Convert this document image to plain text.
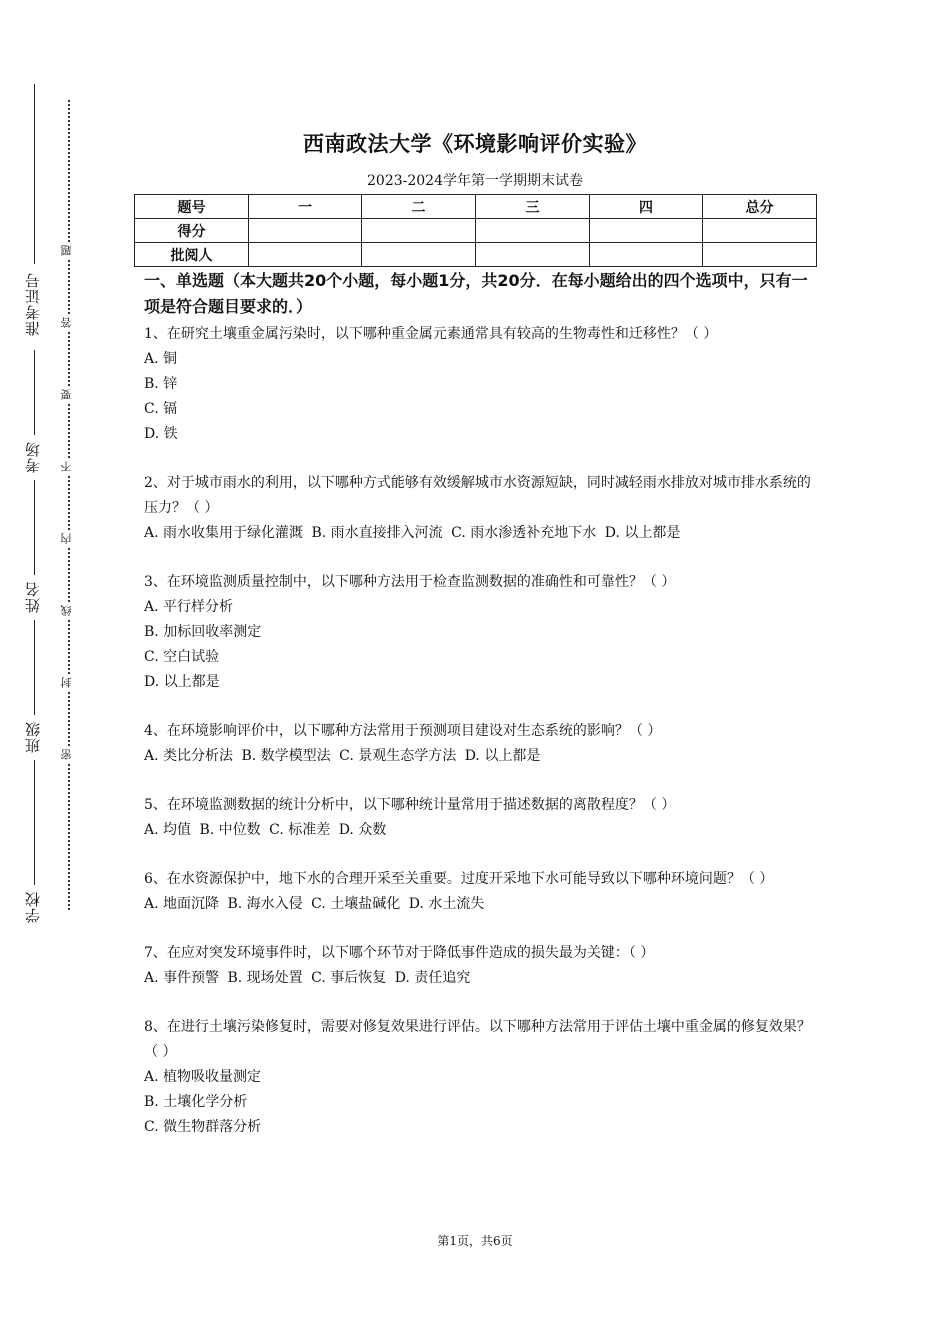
准考证号
考场
姓名
班级
学校
题
答
要
不
内
线
封
密
西南政法大学《环境影响评价实验》
2023-2024学年第一学期期末试卷
题号	一	二	三	四	总分
得分					
批阅人					

一、单选题（本大题共20个小题，每小题1分，共20分．在每小题给出的四个选项中，只有一项是符合题目要求的．）

1、在研究土壤重金属污染时，以下哪种重金属元素通常具有较高的生物毒性和迁移性？（ ）

A. 铜

B. 锌

C. 镉

D. 铁

2、对于城市雨水的利用，以下哪种方式能够有效缓解城市水资源短缺，同时减轻雨水排放对城市排水系统的压力？（ ）

A. 雨水收集用于绿化灌溉 B. 雨水直接排入河流 C. 雨水渗透补充地下水 D. 以上都是

3、在环境监测质量控制中，以下哪种方法用于检查监测数据的准确性和可靠性？（ ）

A. 平行样分析

B. 加标回收率测定

C. 空白试验

D. 以上都是

4、在环境影响评价中，以下哪种方法常用于预测项目建设对生态系统的影响？（ ）

A. 类比分析法 B. 数学模型法 C. 景观生态学方法 D. 以上都是

5、在环境监测数据的统计分析中，以下哪种统计量常用于描述数据的离散程度？（ ）

A. 均值 B. 中位数 C. 标准差 D. 众数

6、在水资源保护中，地下水的合理开采至关重要。过度开采地下水可能导致以下哪种环境问题？（ ）

A. 地面沉降 B. 海水入侵 C. 土壤盐碱化 D. 水土流失

7、在应对突发环境事件时，以下哪个环节对于降低事件造成的损失最为关键：（ ）

A. 事件预警 B. 现场处置 C. 事后恢复 D. 责任追究

8、在进行土壤污染修复时，需要对修复效果进行评估。以下哪种方法常用于评估土壤中重金属的修复效果？（ ）

A. 植物吸收量测定

B. 土壤化学分析

C. 微生物群落分析

第1页，共6页
